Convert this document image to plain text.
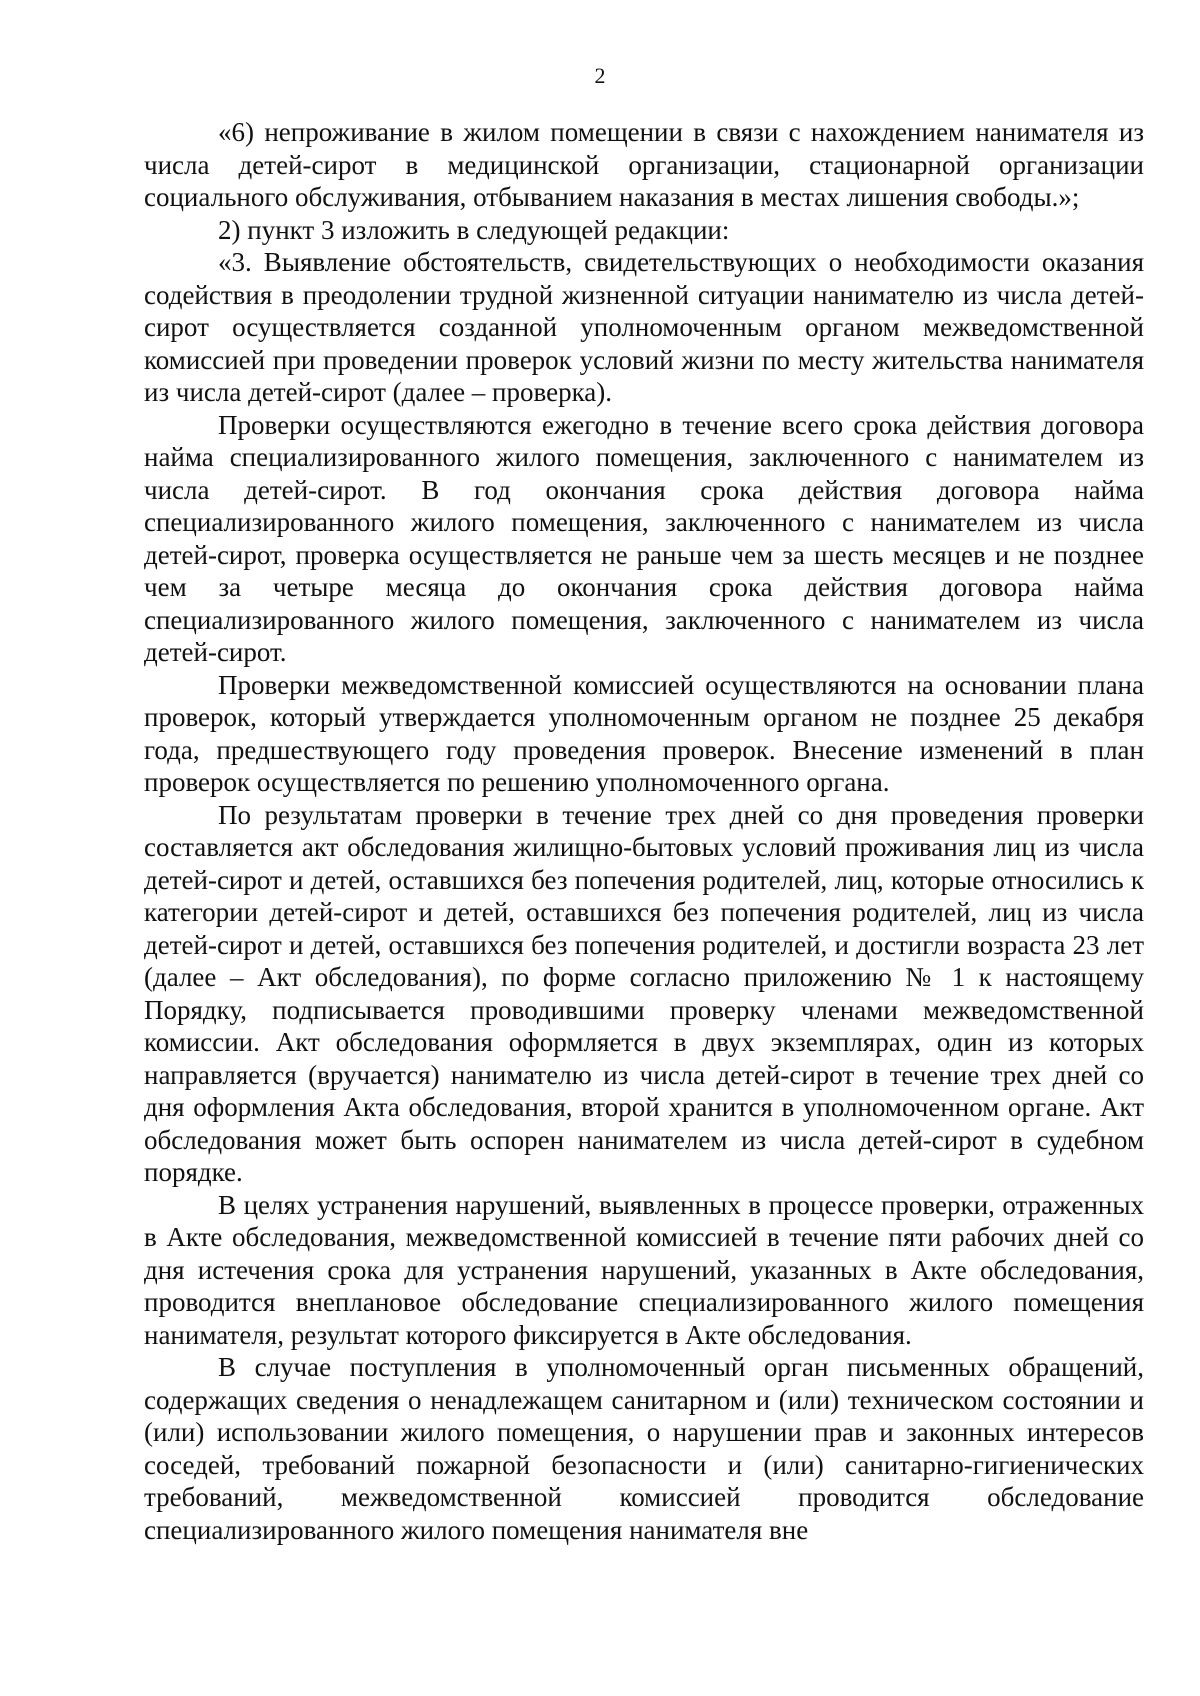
2

«6) непроживание в жилом помещении в связи с нахождением нанимателя из числа детей-сирот в медицинской организации, стационарной организации социального обслуживания, отбыванием наказания в местах лишения свободы.»;

2) пункт 3 изложить в следующей редакции:

«3. Выявление обстоятельств, свидетельствующих о необходимости оказания содействия в преодолении трудной жизненной ситуации нанимателю из числа детей-сирот осуществляется созданной уполномоченным органом межведомственной комиссией при проведении проверок условий жизни по месту жительства нанимателя из числа детей-сирот (далее – проверка).

Проверки осуществляются ежегодно в течение всего срока действия договора найма специализированного жилого помещения, заключенного с нанимателем из числа детей-сирот. В год окончания срока действия договора найма специализированного жилого помещения, заключенного с нанимателем из числа детей-сирот, проверка осуществляется не раньше чем за шесть месяцев и не позднее чем за четыре месяца до окончания срока действия договора найма специализированного жилого помещения, заключенного с нанимателем из числа детей-сирот.

Проверки межведомственной комиссией осуществляются на основании плана проверок, который утверждается уполномоченным органом не позднее 25 декабря года, предшествующего году проведения проверок. Внесение изменений в план проверок осуществляется по решению уполномоченного органа.

По результатам проверки в течение трех дней со дня проведения проверки составляется акт обследования жилищно-бытовых условий проживания лиц из числа детей-сирот и детей, оставшихся без попечения родителей, лиц, которые относились к категории детей-сирот и детей, оставшихся без попечения родителей, лиц из числа детей-сирот и детей, оставшихся без попечения родителей, и достигли возраста 23 лет (далее – Акт обследования), по форме согласно приложению № 1 к настоящему Порядку, подписывается проводившими проверку членами межведомственной комиссии. Акт обследования оформляется в двух экземплярах, один из которых направляется (вручается) нанимателю из числа детей-сирот в течение трех дней со дня оформления Акта обследования, второй хранится в уполномоченном органе. Акт обследования может быть оспорен нанимателем из числа детей-сирот в судебном порядке.

В целях устранения нарушений, выявленных в процессе проверки, отраженных в Акте обследования, межведомственной комиссией в течение пяти рабочих дней со дня истечения срока для устранения нарушений, указанных в Акте обследования, проводится внеплановое обследование специализированного жилого помещения нанимателя, результат которого фиксируется в Акте обследования.

В случае поступления в уполномоченный орган письменных обращений, содержащих сведения о ненадлежащем санитарном и (или) техническом состоянии и (или) использовании жилого помещения, о нарушении прав и законных интересов соседей, требований пожарной безопасности и (или) санитарно-гигиенических требований, межведомственной комиссией проводится обследование специализированного жилого помещения нанимателя вне
